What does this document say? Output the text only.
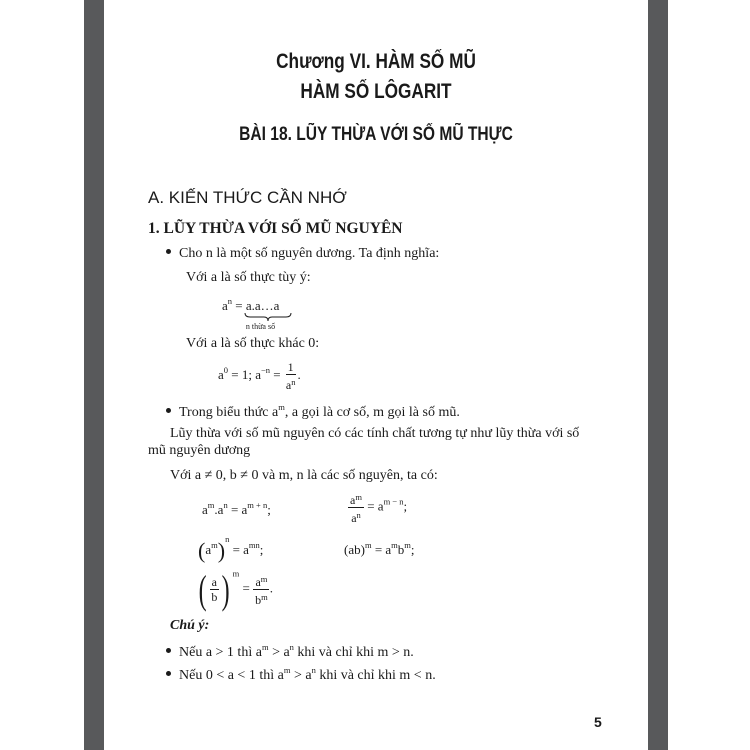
Chương VI. HÀM SỐ MŨ
HÀM SỐ LÔGARIT
BÀI 18. LŨY THỪA VỚI SỐ MŨ THỰC
A. KIẾN THỨC CẦN NHỚ
1. LŨY THỪA VỚI SỐ MŨ NGUYÊN
Cho n là một số nguyên dương. Ta định nghĩa:
Với a là số thực tùy ý:
$a^n$ = a.a…a
n thừa số
Với a là số thực khác 0:
$a^0 = 1$; $a^{-n} = \frac{1}{a^n}$ .
Trong biểu thức $a^m$, a gọi là cơ số, m gọi là số mũ.
Lũy thừa với số mũ nguyên có các tính chất tương tự như lũy thừa với số
mũ nguyên dương
Với a ≠ 0, b ≠ 0 và m, n là các số nguyên, ta có:
$a^m.a^n = a^{m + n}$;	$\frac{a^m}{a^n} = a^{m - n}$;
$(a^m)^n = a^{mn}$;	$(ab)^m = a^mb^m$;
( $\frac{a}{b}$ ) $^m = \frac{a^m}{b^m}$ .
Chú ý:
Nếu a > 1 thì $a^m > a^n$ khi và chỉ khi m > n.
Nếu 0 < a < 1 thì $a^m > a^n$ khi và chỉ khi m < n.
5
